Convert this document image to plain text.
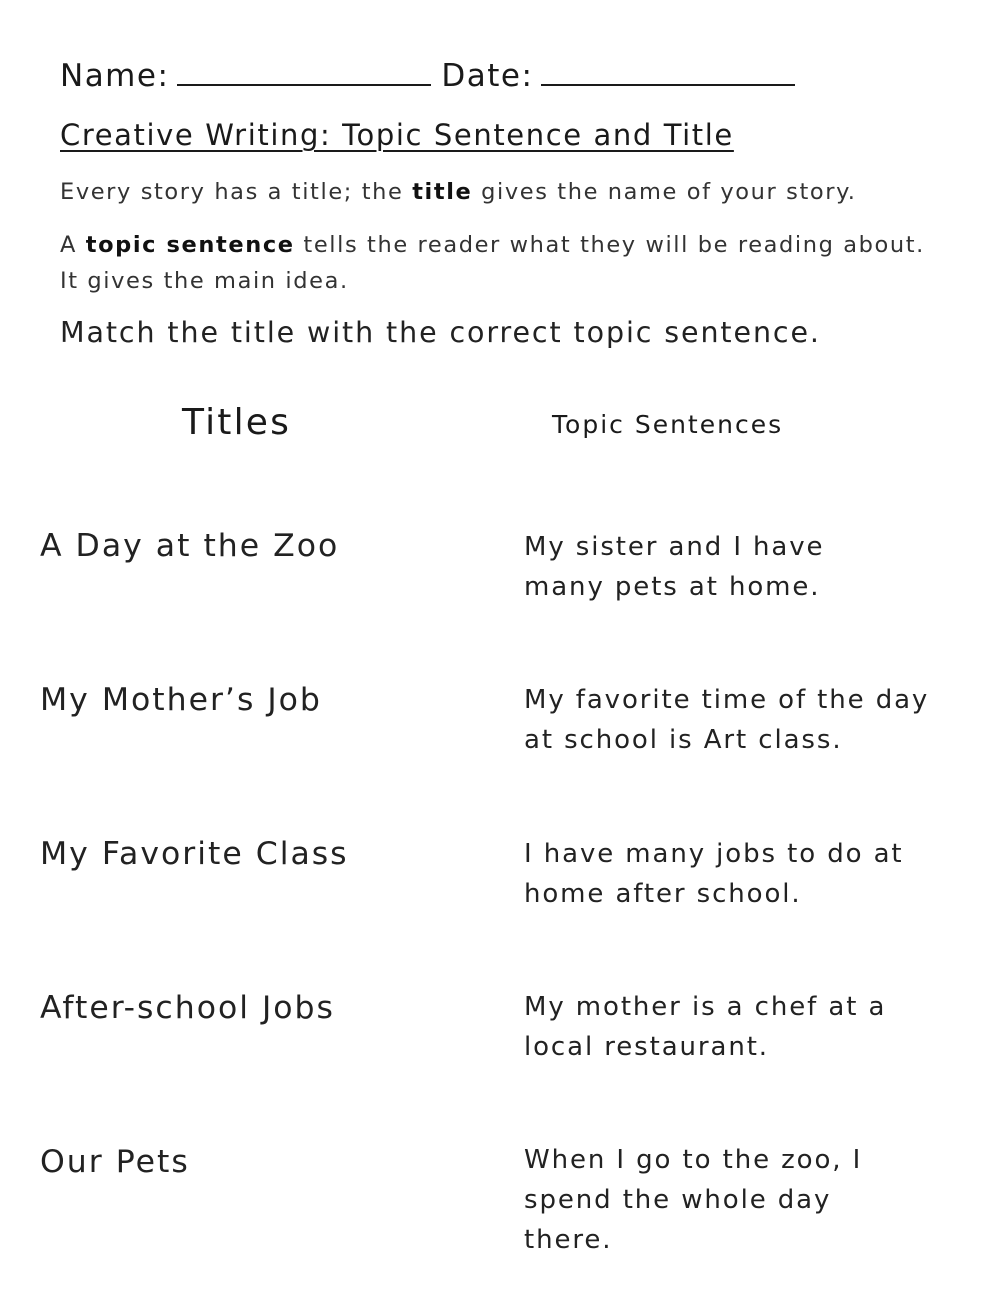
Name:	Date:
Creative Writing: Topic Sentence and Title
Every story has a title; the title gives the name of your story.
A topic sentence tells the reader what they will be reading about. It gives the main idea.
Match the title with the correct topic sentence.
Titles	Topic Sentences
A Day at the Zoo
My Mother’s Job
My Favorite Class
After-school Jobs
Our Pets
My sister and I have many pets at home.
My favorite time of the day at school is Art class.
I have many jobs to do at home after school.
My mother is a chef at a local restaurant.
When I go to the zoo, I spend the whole day there.
